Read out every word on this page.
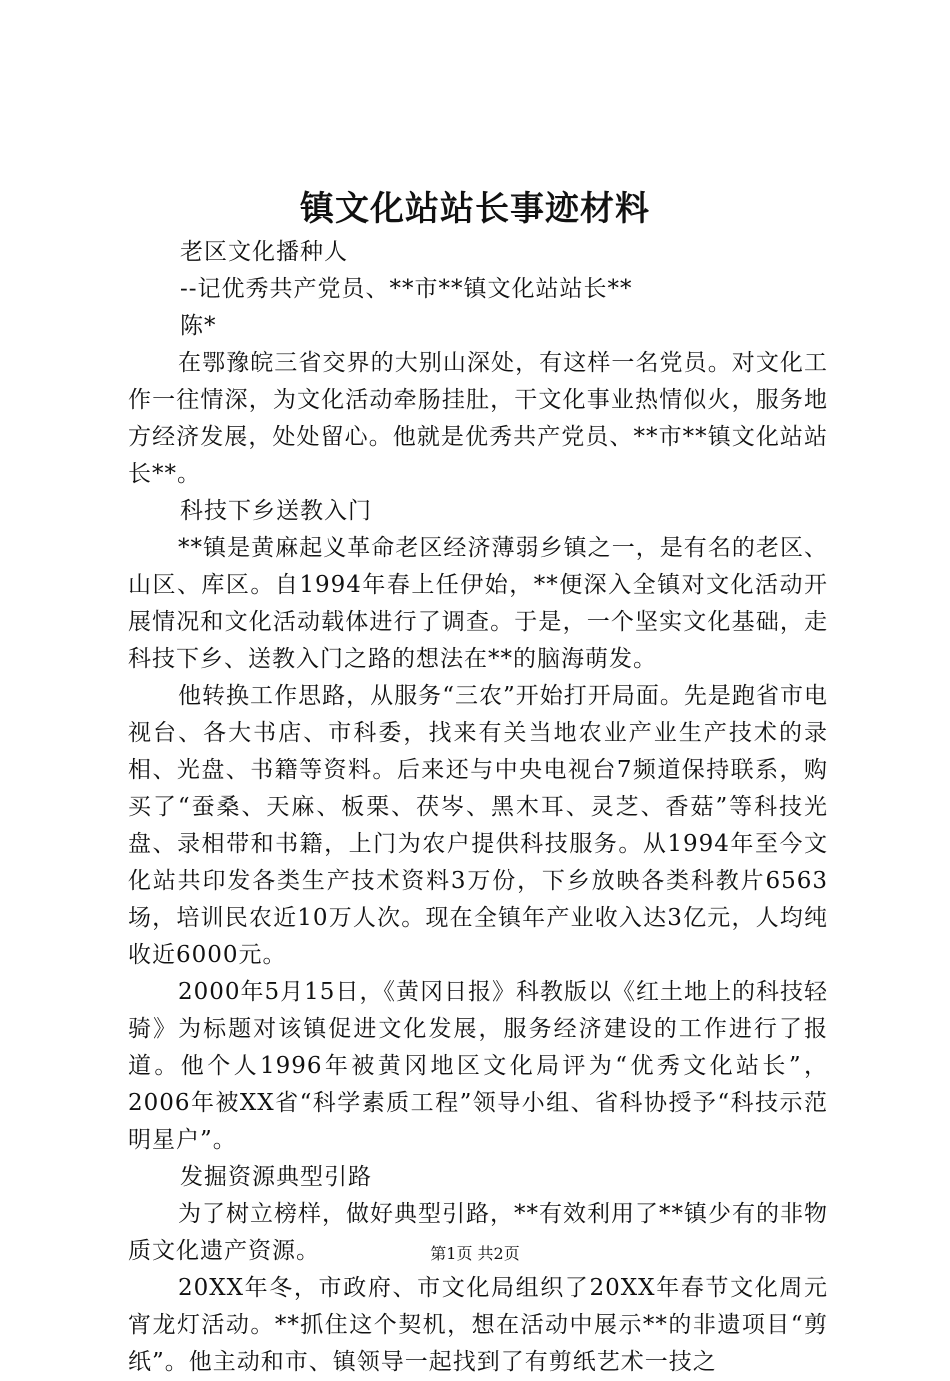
镇文化站站长事迹材料

老区文化播种人

--记优秀共产党员、**市**镇文化站站长**

陈*

在鄂豫皖三省交界的大别山深处，有这样一名党员。对文化工作一往情深，为文化活动牵肠挂肚，干文化事业热情似火，服务地方经济发展，处处留心。他就是优秀共产党员、**市**镇文化站站长**。

科技下乡送教入门

**镇是黄麻起义革命老区经济薄弱乡镇之一，是有名的老区、山区、库区。自1994年春上任伊始，**便深入全镇对文化活动开展情况和文化活动载体进行了调查。于是，一个坚实文化基础，走科技下乡、送教入门之路的想法在**的脑海萌发。

他转换工作思路，从服务“三农”开始打开局面。先是跑省市电视台、各大书店、市科委，找来有关当地农业产业生产技术的录相、光盘、书籍等资料。后来还与中央电视台7频道保持联系，购买了“蚕桑、天麻、板栗、茯岑、黑木耳、灵芝、香菇”等科技光盘、录相带和书籍，上门为农户提供科技服务。从1994年至今文化站共印发各类生产技术资料3万份，下乡放映各类科教片6563场，培训民农近10万人次。现在全镇年产业收入达3亿元，人均纯收近6000元。

2000年5月15日，《黄冈日报》科教版以《红土地上的科技轻骑》为标题对该镇促进文化发展，服务经济建设的工作进行了报道。他个人1996年被黄冈地区文化局评为“优秀文化站长”，2006年被XX省“科学素质工程”领导小组、省科协授予“科技示范明星户”。

发掘资源典型引路

为了树立榜样，做好典型引路，**有效利用了**镇少有的非物质文化遗产资源。

20XX年冬，市政府、市文化局组织了20XX年春节文化周元宵龙灯活动。**抓住这个契机，想在活动中展示**的非遗项目“剪纸”。他主动和市、镇领导一起找到了有剪纸艺术一技之

第1页 共2页
